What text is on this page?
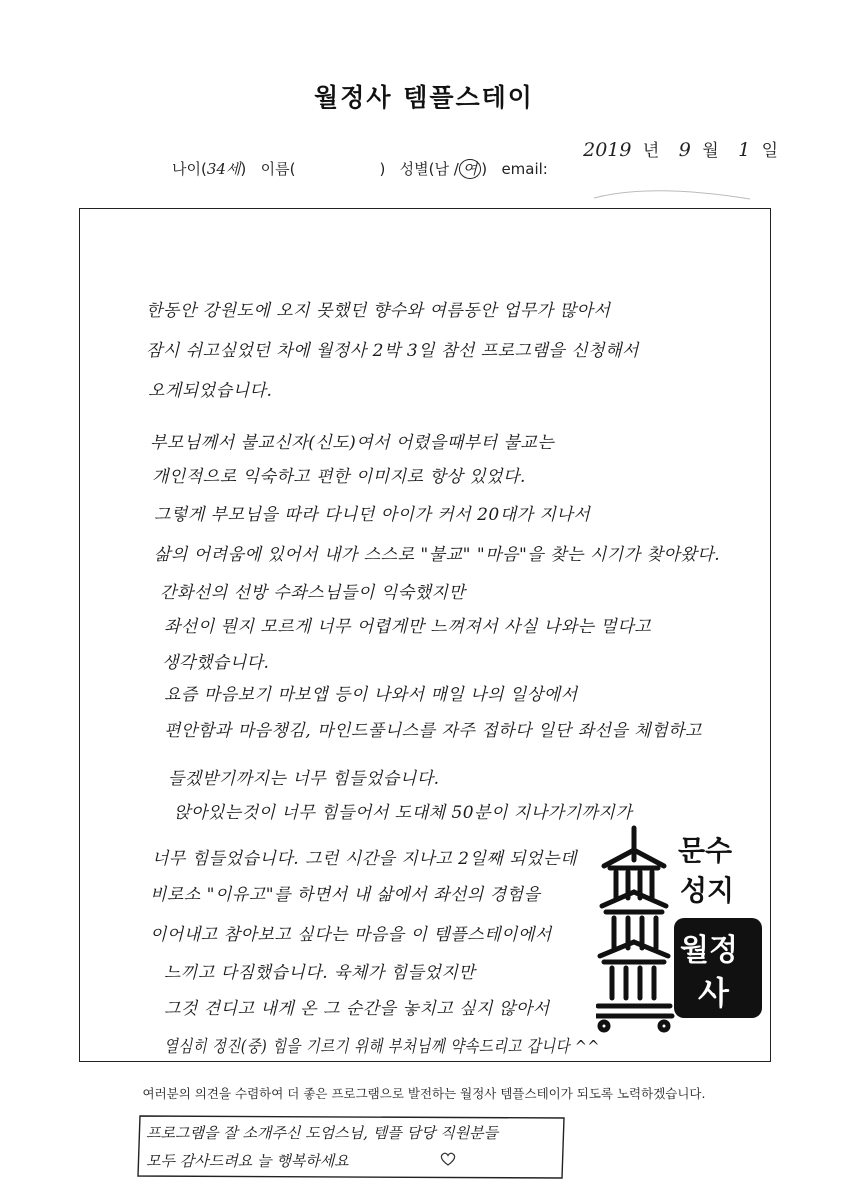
월정사 템플스테이
2019 년 9 월 1 일
나이(34세) 이름(	) 성별(남 / 여 ) email:
한동안 강원도에 오지 못했던 향수와 여름동안 업무가 많아서
잠시 쉬고싶었던 차에 월정사 2박 3일 참선 프로그램을 신청해서
오게되었습니다.
부모님께서 불교신자(신도)여서 어렸을때부터 불교는
개인적으로 익숙하고 편한 이미지로 항상 있었다.
그렇게 부모님을 따라 다니던 아이가 커서 20대가 지나서
삶의 어려움에 있어서 내가 스스로 "불교" "마음"을 찾는 시기가 찾아왔다.
간화선의 선방 수좌스님들이 익숙했지만
좌선이 뭔지 모르게 너무 어렵게만 느껴져서 사실 나와는 멀다고
생각했습니다.
요즘 마음보기 마보앱 등이 나와서 매일 나의 일상에서
편안함과 마음챙김, 마인드풀니스를 자주 접하다 일단 좌선을 체험하고
들겠받기까지는 너무 힘들었습니다.
앉아있는것이 너무 힘들어서 도대체 50분이 지나가기까지가
너무 힘들었습니다. 그런 시간을 지나고 2일째 되었는데
비로소 "이유고"를 하면서 내 삶에서 좌선의 경험을
이어내고 참아보고 싶다는 마음을 이 템플스테이에서
느끼고 다짐했습니다. 육체가 힘들었지만
그것 견디고 내게 온 그 순간을 놓치고 싶지 않아서
열심히 정진(중) 힘을 기르기 위해 부처님께 약속드리고 갑니다 ^^
문수
성지
월정
사
여러분의 의견을 수렴하여 더 좋은 프로그램으로 발전하는 월정사 템플스테이가 되도록 노력하겠습니다.
프로그램을 잘 소개주신 도엄스님, 템플 담당 직원분들
모두 감사드려요 늘 행복하세요
